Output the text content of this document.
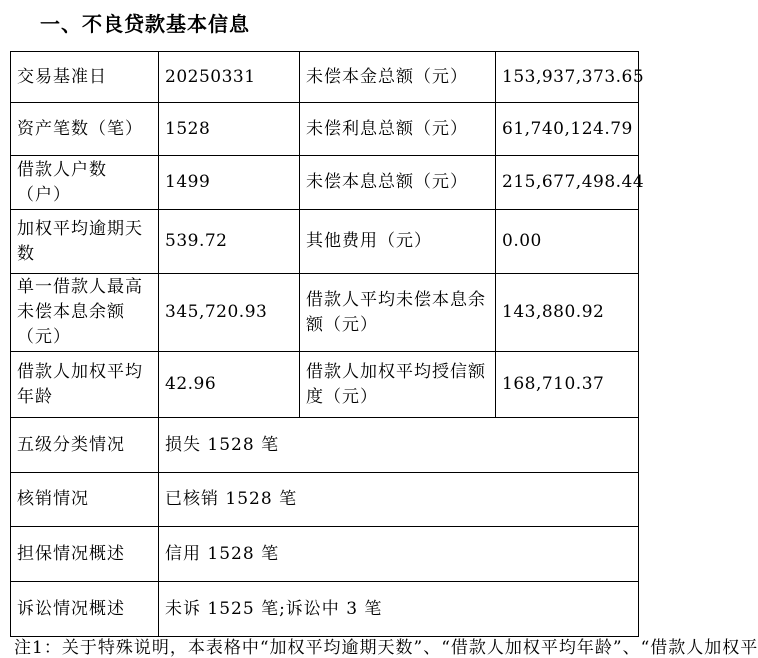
一、不良贷款基本信息
交易基准日	20250331	未偿本金总额（元）	153,937,373.65
资产笔数（笔）	1528	未偿利息总额（元）	61,740,124.79
借款人户数（户）	1499	未偿本息总额（元）	215,677,498.44
加权平均逾期天数	539.72	其他费用（元）	0.00
单一借款人最高未偿本息余额（元）	345,720.93	借款人平均未偿本息余额（元）	143,880.92
借款人加权平均年龄	42.96	借款人加权平均授信额度（元）	168,710.37
五级分类情况	损失 1528 笔		
核销情况	已核销 1528 笔		
担保情况概述	信用 1528 笔		
诉讼情况概述	未诉 1525 笔;诉讼中 3 笔		
注1：关于特殊说明，本表格中“加权平均逾期天数”、“借款人加权平均年龄”、“借款人加权平
